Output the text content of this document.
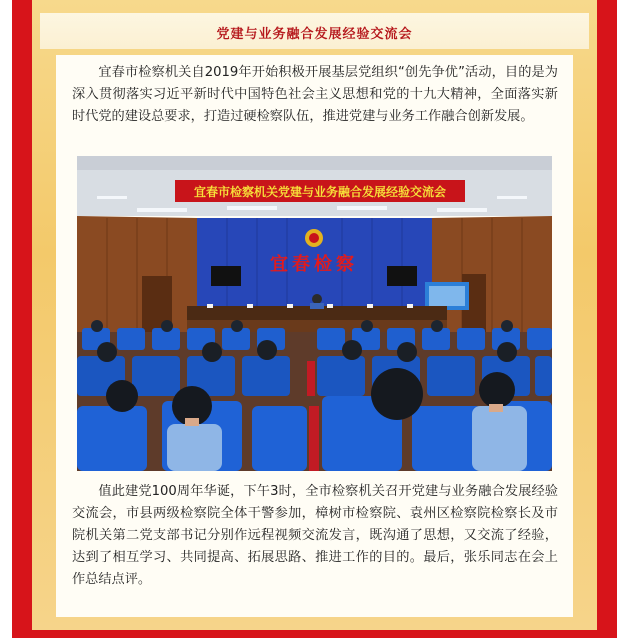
党建与业务融合发展经验交流会

宜春市检察机关自2019年开始积极开展基层党组织“创先争优”活动，目的是为深入贯彻落实习近平新时代中国特色社会主义思想和党的十九大精神，全面落实新时代党的建设总要求，打造过硬检察队伍，推进党建与业务工作融合创新发展。

宜春检察
宜春市检察机关党建与业务融合发展经验交流会

值此建党100周年华诞，下午3时，全市检察机关召开党建与业务融合发展经验交流会，市县两级检察院全体干警参加，樟树市检察院、袁州区检察院检察长及市院机关第二党支部书记分别作远程视频交流发言，既沟通了思想，又交流了经验，达到了相互学习、共同提高、拓展思路、推进工作的目的。最后，张乐同志在会上作总结点评。
